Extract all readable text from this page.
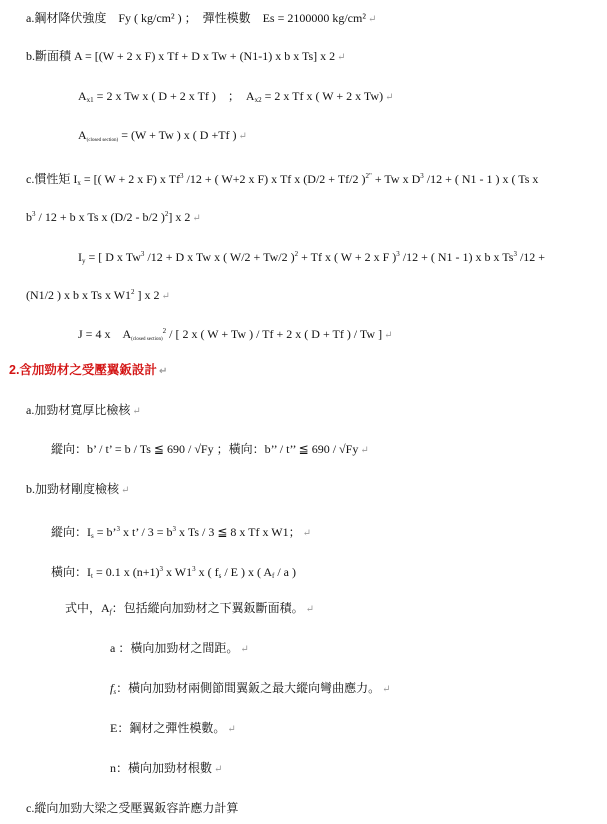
a.鋼材降伏強度　Fy ( kg/cm² ) ；　彈性模數　Es = 2100000 kg/cm² ↵
b.斷面積 A = [(W + 2 x F) x Tf + D x Tw + (N1-1) x b x Ts] x 2 ↵
$A_{x1} = 2$ x Tw x ( D + 2 x Tf )　；　$A_{x2} = 2$ x Tf x ( W + 2 x Tw) ↵
$A_{(closed section)} = (W + Tw$ ) x ( D +Tf ) ↵
c.慣性矩 $I_x$ = [( W + 2 x F) x Tf$^3$ /12 + ( W+2 x F) x Tf x (D/2 + Tf/2 )$^{2"}$ + Tw x $D^3$ /12 + ( N1 - 1 ) x ( Ts x
$b^3 / 12 + b$ x Ts x (D/2 - b/2 )$^2$] x 2 ↵
$I_y$ = [ D x Tw$^3$ /12 + D x Tw x ( W/2 + Tw/2 )$^2$ + Tf x ( W + 2 x F )$^3$ /12 + ( N1 - 1) x b x Ts$^3$ /12 +
(N1/2 ) x b x Ts x $W1^2$ ] x 2 ↵
J = 4 x　$A_{(closed section)}^2$ / [ 2 x ( W + Tw ) / Tf + 2 x ( D + Tf ) / Tw ] ↵
2.含加勁材之受壓翼鈑設計 ↵
a.加勁材寬厚比檢核 ↵
縱向：b’ / t’ = b / Ts ≦ 690 / √Fy ；橫向：b’’ / t’’ ≦ 690 / √Fy ↵
b.加勁材剛度檢核 ↵
縱向：$I_s$ = b’$^3$ x t’ / $3 = b^3$ x Ts / 3 ≦ 8 x Tf x W1； ↵
橫向：$I_t = 0.1$ x $(n+1)^3$ x $W1^3$ x ( $f_s$ / E ) x ( $A_f$ / a )
式中，$A_f$：包括縱向加勁材之下翼鈑斷面積。 ↵
a ：橫向加勁材之間距。 ↵
$f_s$：橫向加勁材兩側節間翼鈑之最大縱向彎曲應力。 ↵
E：鋼材之彈性模數。 ↵
n：橫向加勁材根數 ↵
c.縱向加勁大梁之受壓翼鈑容許應力計算
